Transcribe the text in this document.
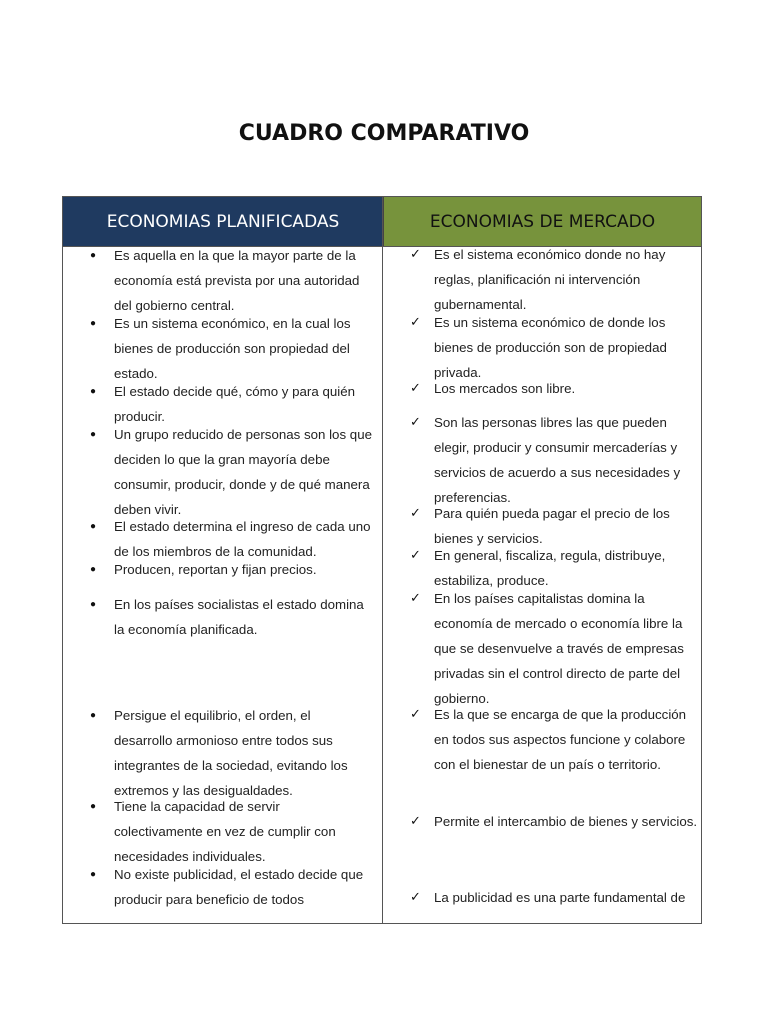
CUADRO COMPARATIVO
ECONOMIAS PLANIFICADAS	ECONOMIAS DE MERCADO
● Es aquella en la que la mayor parte de la economía está prevista por una autoridad del gobierno central.
● Es un sistema económico, en la cual los bienes de producción son propiedad del estado.
● El estado decide qué, cómo y para quién producir.
● Un grupo reducido de personas son los que deciden lo que la gran mayoría debe consumir, producir, donde y de qué manera deben vivir.
● El estado determina el ingreso de cada uno de los miembros de la comunidad.
● Producen, reportan y fijan precios.
● En los países socialistas el estado domina la economía planificada.
● Persigue el equilibrio, el orden, el desarrollo armonioso entre todos sus integrantes de la sociedad, evitando los extremos y las desigualdades.
● Tiene la capacidad de servir colectivamente en vez de cumplir con necesidades individuales.
● No existe publicidad, el estado decide que producir para beneficio de todos
✓ Es el sistema económico donde no hay reglas, planificación ni intervención gubernamental.
✓ Es un sistema económico de donde los bienes de producción son de propiedad privada.
✓ Los mercados son libre.
✓ Son las personas libres las que pueden elegir, producir y consumir mercaderías y servicios de acuerdo a sus necesidades y preferencias.
✓ Para quién pueda pagar el precio de los bienes y servicios.
✓ En general, fiscaliza, regula, distribuye, estabiliza, produce.
✓ En los países capitalistas domina la economía de mercado o economía libre la que se desenvuelve a través de empresas privadas sin el control directo de parte del gobierno.
✓ Es la que se encarga de que la producción en todos sus aspectos funcione y colabore con el bienestar de un país o territorio.
✓ Permite el intercambio de bienes y servicios.
✓ La publicidad es una parte fundamental de
